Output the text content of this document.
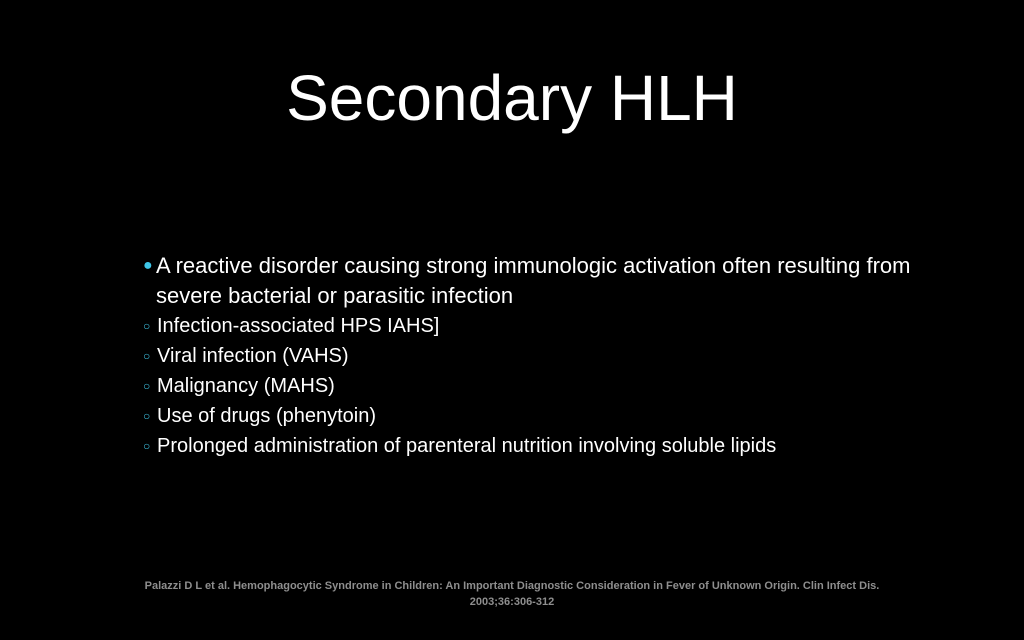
Secondary HLH
● A reactive disorder causing strong immunologic activation often resulting from severe bacterial or parasitic infection
○ Infection-associated HPS IAHS]
○ Viral infection (VAHS)
○ Malignancy (MAHS)
○ Use of drugs (phenytoin)
○ Prolonged administration of parenteral nutrition involving soluble lipids
Palazzi D L et al. Hemophagocytic Syndrome in Children: An Important Diagnostic Consideration in Fever of Unknown Origin. Clin Infect Dis. 2003;36:306-312
